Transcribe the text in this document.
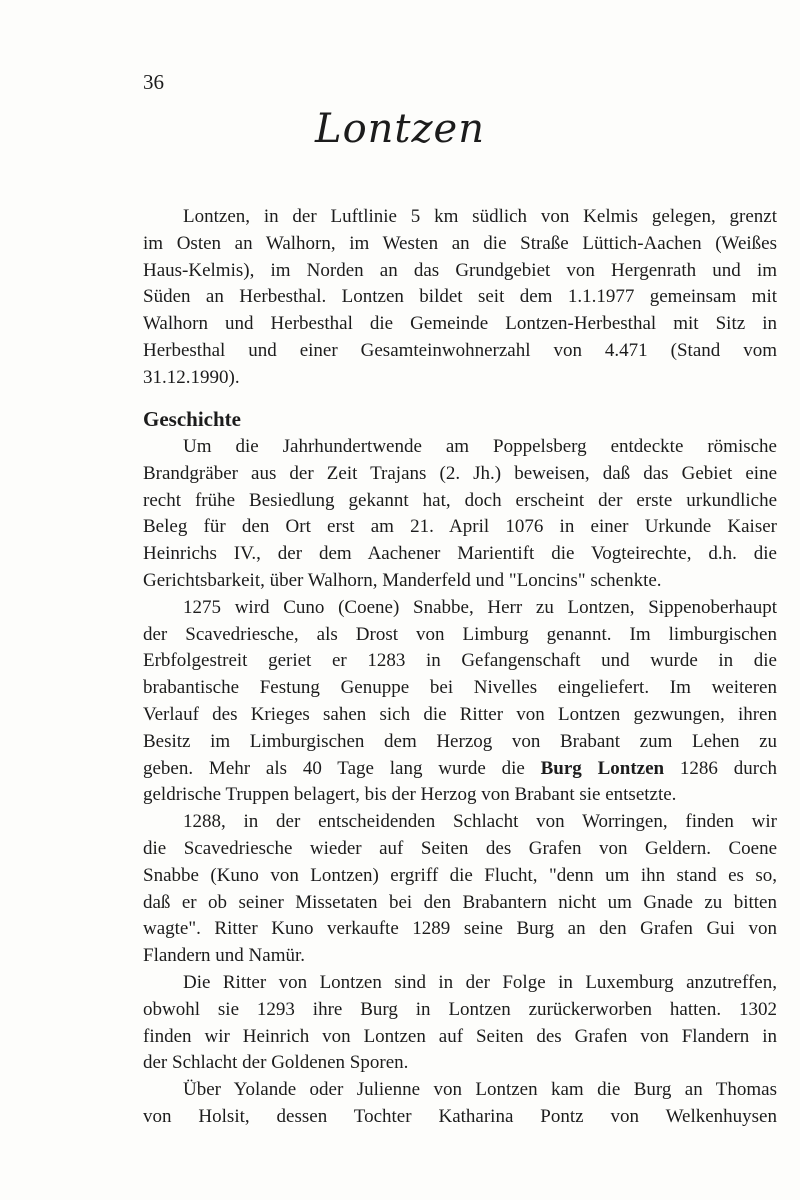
36
Lontzen
Lontzen, in der Luftlinie 5 km südlich von Kelmis gelegen, grenzt
im Osten an Walhorn, im Westen an die Straße Lüttich-Aachen (Weißes
Haus-Kelmis), im Norden an das Grundgebiet von Hergenrath und im
Süden an Herbesthal. Lontzen bildet seit dem 1.1.1977 gemeinsam mit
Walhorn und Herbesthal die Gemeinde Lontzen-Herbesthal mit Sitz in
Herbesthal und einer Gesamteinwohnerzahl von 4.471 (Stand vom
31.12.1990).
Geschichte
Um die Jahrhundertwende am Poppelsberg entdeckte römische
Brandgräber aus der Zeit Trajans (2. Jh.) beweisen, daß das Gebiet eine
recht frühe Besiedlung gekannt hat, doch erscheint der erste urkundliche
Beleg für den Ort erst am 21. April 1076 in einer Urkunde Kaiser
Heinrichs IV., der dem Aachener Marientift die Vogteirechte, d.h. die
Gerichtsbarkeit, über Walhorn, Manderfeld und "Loncins" schenkte.
1275 wird Cuno (Coene) Snabbe, Herr zu Lontzen, Sippenoberhaupt
der Scavedriesche, als Drost von Limburg genannt. Im limburgischen
Erbfolgestreit geriet er 1283 in Gefangenschaft und wurde in die
brabantische Festung Genuppe bei Nivelles eingeliefert. Im weiteren
Verlauf des Krieges sahen sich die Ritter von Lontzen gezwungen, ihren
Besitz im Limburgischen dem Herzog von Brabant zum Lehen zu
geben. Mehr als 40 Tage lang wurde die Burg Lontzen 1286 durch
geldrische Truppen belagert, bis der Herzog von Brabant sie entsetzte.
1288, in der entscheidenden Schlacht von Worringen, finden wir
die Scavedriesche wieder auf Seiten des Grafen von Geldern. Coene
Snabbe (Kuno von Lontzen) ergriff die Flucht, "denn um ihn stand es so,
daß er ob seiner Missetaten bei den Brabantern nicht um Gnade zu bitten
wagte". Ritter Kuno verkaufte 1289 seine Burg an den Grafen Gui von
Flandern und Namür.
Die Ritter von Lontzen sind in der Folge in Luxemburg anzutreffen,
obwohl sie 1293 ihre Burg in Lontzen zurückerworben hatten. 1302
finden wir Heinrich von Lontzen auf Seiten des Grafen von Flandern in
der Schlacht der Goldenen Sporen.
Über Yolande oder Julienne von Lontzen kam die Burg an Thomas
von Holsit, dessen Tochter Katharina Pontz von Welkenhuysen
